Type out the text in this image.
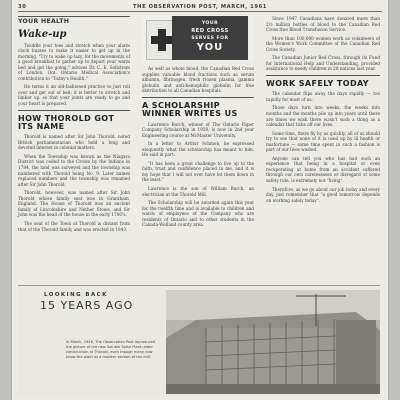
30	THE OBSERVATION POST, MARCH, 1961
YOUR HEALTH
Wake-up

Twiddle your toes and stretch when your alarm clock buzzes to make it easier to get up in the morning. "Try to wake up lazy, for the movements of a good breakfast to gather up to depart your warm bed and get the going," advises Dr. C. K. Sellstrom of London, Ont. Ontario Medical Association's contribution to "Today's Health."

He terms it an old-fashioned practice to just roll over and get out of bed; it is better to stretch and limber up, so that your joints are ready to go and your heart is prepared.

HOW THOROLD GOT ITS NAME

Thorold is named after Sir John Thorold, noted British parliamentarian who held a long and devoted interest in colonial matters.

When the Township was known as the Niagara District was ceded to the Crown by the Indians in 1784, the land was surveyed and the township was numbered with Thorold being No. 9. Later names replaced numbers and the township was renamed after Sir John Thorold.

Thorold, however, was named after Sir John Thorold whose family seat was in Grantham, England. The House of Thorold was an ancient family of Lincolnshire and Nether Stowe, and Sir John was the head of the house in the early 1700's.

The seat of the Town of Thorold is distant from that of the Thorold family and was erected in 1843.

YOUR
RED CROSS
SERVES FOR
YOU

As well as whole blood, the Canadian Red Cross supplies valuable blood fractions such as serum albumin, fibrinogen, fresh frozen plasma, gamma globulin and anti-hemophilic globulin for free distribution to all Canadian hospitals.

A SCHOLARSHIP WINNER WRITES US

Lawrence Burch, winner of The Ontario Paper Company Scholarship in 1959, is now in 2nd year Engineering course at McMaster University.

In a letter to Arthur Schmon, he expressed eloquently what the scholarship has meant to him. He said in part:

"It has been a great challenge to live up to the faith, trust and confidence placed in me, and it is my hope that I will not ever have let them down in the least."

Lawrence is the son of William Burch, an electrician at the Thorold Mill.

The Scholarship will be awarded again this year for the twelfth time and is available to children and wards of employees of the Company who are residents of Ontario and to other students in the Canada-Welland county area.

Since 1947 Canadians have donated more than 2½ million bottles of blood to the Canadian Red Cross free Blood Transfusion Service.

More than 100,000 women work as volunteers of the Women's Work Committee of the Canadian Red Cross Society.

The Canadian Junior Red Cross, through its Fund for International Help and Understanding, provided assistance to needy children in 28 nations last year.

WORK SAFELY TODAY

The calendar flips away the days rapidly — too rapidly for most of us.

Those days turn into weeks, the weeks into months and the months pile up into years until there are times we wish there wasn't such a thing as a calendar that ticks off our lives.

Some time, there fly by us quickly, all of us should try to see that none of it is used up by ill health or misfortune — some time spent in such a fashion is part of our lives wasted.

Anyone can tell you who has had such an experience that being in a hospital or even recuperating at home from an accident suffered through our own carelessness or disregard of some safety rule, is extremely not "living".

Therefore, as we go about our job today and every day, just remember that "a good tomorrow depends on working safely today".

LOOKING BACK
15 YEARS AGO
In March, 1946, The Observation Post reproduced the picture of the new Soluble Spike Plant under construction at Thorold, even though many now know the plant as a modern section of the mill.
